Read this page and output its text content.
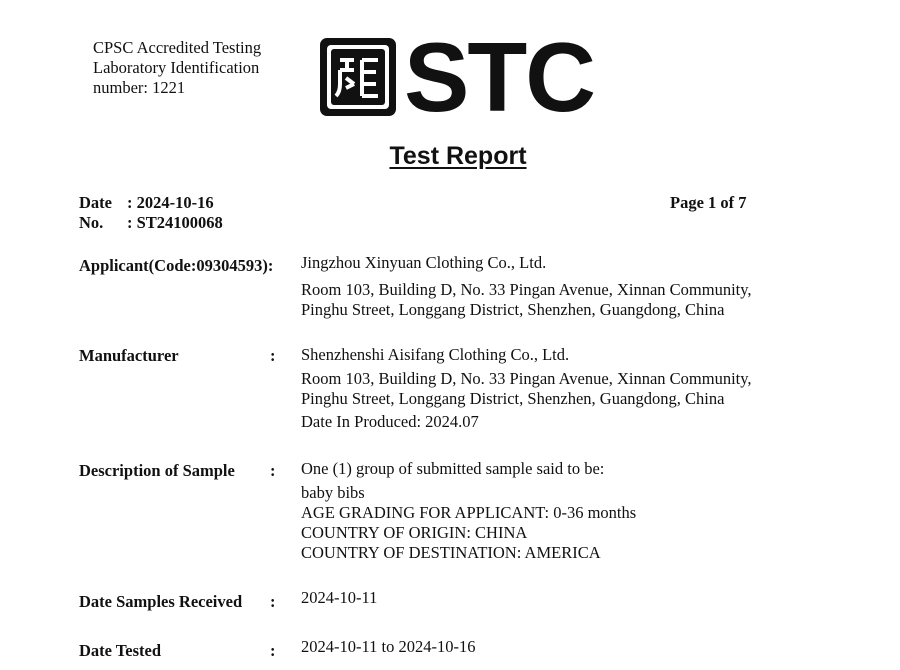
CPSC Accredited Testing
Laboratory Identification
number: 1221	STC
Test Report
Date : 2024-10-16
No. : ST24100068
Page 1 of 7
Applicant(Code:09304593): Jingzhou Xinyuan Clothing Co., Ltd.
Room 103, Building D, No. 33 Pingan Avenue, Xinnan Community,
Pinghu Street, Longgang District, Shenzhen, Guangdong, China
Manufacturer	: Shenzhenshi Aisifang Clothing Co., Ltd.
Room 103, Building D, No. 33 Pingan Avenue, Xinnan Community,
Pinghu Street, Longgang District, Shenzhen, Guangdong, China
Date In Produced: 2024.07
Description of Sample : One (1) group of submitted sample said to be:
baby bibs
AGE GRADING FOR APPLICANT: 0-36 months
COUNTRY OF ORIGIN: CHINA
COUNTRY OF DESTINATION: AMERICA
Date Samples Received : 2024-10-11
Date Tested	: 2024-10-11 to 2024-10-16
